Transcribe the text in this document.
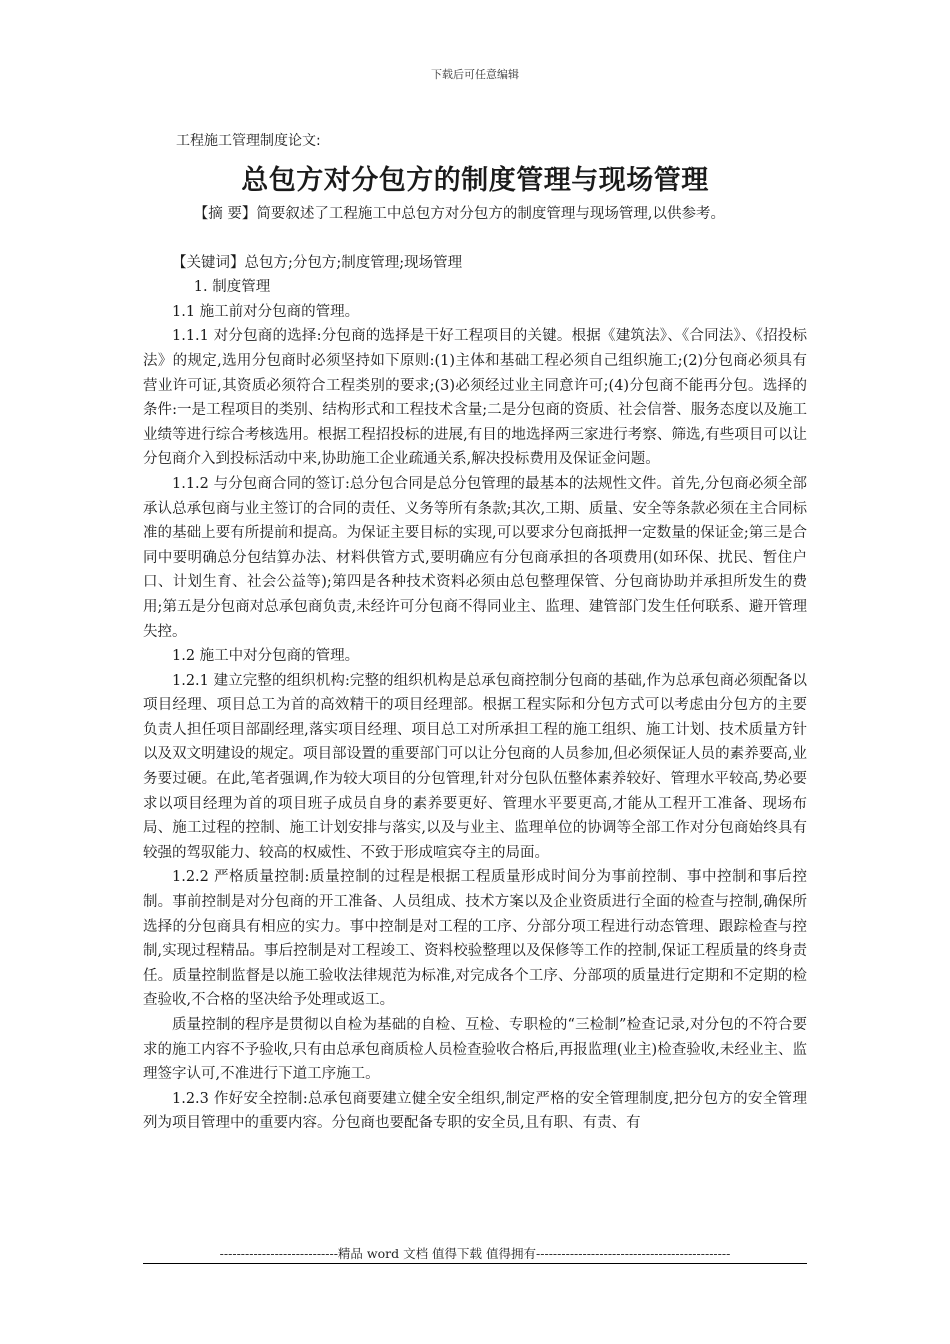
下载后可任意编辑
工程施工管理制度论文:
总包方对分包方的制度管理与现场管理

【摘 要】简要叙述了工程施工中总包方对分包方的制度管理与现场管理,以供参考。

【关键词】总包方;分包方;制度管理;现场管理

1. 制度管理

1.1 施工前对分包商的管理。

1.1.1 对分包商的选择:分包商的选择是干好工程项目的关键。根据《建筑法》、《合同法》、《招投标法》的规定,选用分包商时必须坚持如下原则:(1)主体和基础工程必须自己组织施工;(2)分包商必须具有营业许可证,其资质必须符合工程类别的要求;(3)必须经过业主同意许可;(4)分包商不能再分包。选择的条件:一是工程项目的类别、结构形式和工程技术含量;二是分包商的资质、社会信誉、服务态度以及施工业绩等进行综合考核选用。根据工程招投标的进展,有目的地选择两三家进行考察、筛选,有些项目可以让分包商介入到投标活动中来,协助施工企业疏通关系,解决投标费用及保证金问题。

1.1.2 与分包商合同的签订:总分包合同是总分包管理的最基本的法规性文件。首先,分包商必须全部承认总承包商与业主签订的合同的责任、义务等所有条款;其次,工期、质量、安全等条款必须在主合同标准的基础上要有所提前和提高。为保证主要目标的实现,可以要求分包商抵押一定数量的保证金;第三是合同中要明确总分包结算办法、材料供管方式,要明确应有分包商承担的各项费用(如环保、扰民、暂住户口、计划生育、社会公益等);第四是各种技术资料必须由总包整理保管、分包商协助并承担所发生的费用;第五是分包商对总承包商负责,未经许可分包商不得同业主、监理、建管部门发生任何联系、避开管理失控。

1.2 施工中对分包商的管理。

1.2.1 建立完整的组织机构:完整的组织机构是总承包商控制分包商的基础,作为总承包商必须配备以项目经理、项目总工为首的高效精干的项目经理部。根据工程实际和分包方式可以考虑由分包方的主要负责人担任项目部副经理,落实项目经理、项目总工对所承担工程的施工组织、施工计划、技术质量方针以及双文明建设的规定。项目部设置的重要部门可以让分包商的人员参加,但必须保证人员的素养要高,业务要过硬。在此,笔者强调,作为较大项目的分包管理,针对分包队伍整体素养较好、管理水平较高,势必要求以项目经理为首的项目班子成员自身的素养要更好、管理水平要更高,才能从工程开工准备、现场布局、施工过程的控制、施工计划安排与落实,以及与业主、监理单位的协调等全部工作对分包商始终具有较强的驾驭能力、较高的权威性、不致于形成喧宾夺主的局面。

1.2.2 严格质量控制:质量控制的过程是根据工程质量形成时间分为事前控制、事中控制和事后控制。事前控制是对分包商的开工准备、人员组成、技术方案以及企业资质进行全面的检查与控制,确保所选择的分包商具有相应的实力。事中控制是对工程的工序、分部分项工程进行动态管理、跟踪检查与控制,实现过程精品。事后控制是对工程竣工、资料校验整理以及保修等工作的控制,保证工程质量的终身责任。质量控制监督是以施工验收法律规范为标准,对完成各个工序、分部项的质量进行定期和不定期的检查验收,不合格的坚决给予处理或返工。

质量控制的程序是贯彻以自检为基础的自检、互检、专职检的“三检制”检查记录,对分包的不符合要求的施工内容不予验收,只有由总承包商质检人员检查验收合格后,再报监理(业主)检查验收,未经业主、监理签字认可,不准进行下道工序施工。

1.2.3 作好安全控制:总承包商要建立健全安全组织,制定严格的安全管理制度,把分包方的安全管理列为项目管理中的重要内容。分包商也要配备专职的安全员,且有职、有责、有

----------------------------精品 word 文档 值得下载 值得拥有----------------------------------------------
